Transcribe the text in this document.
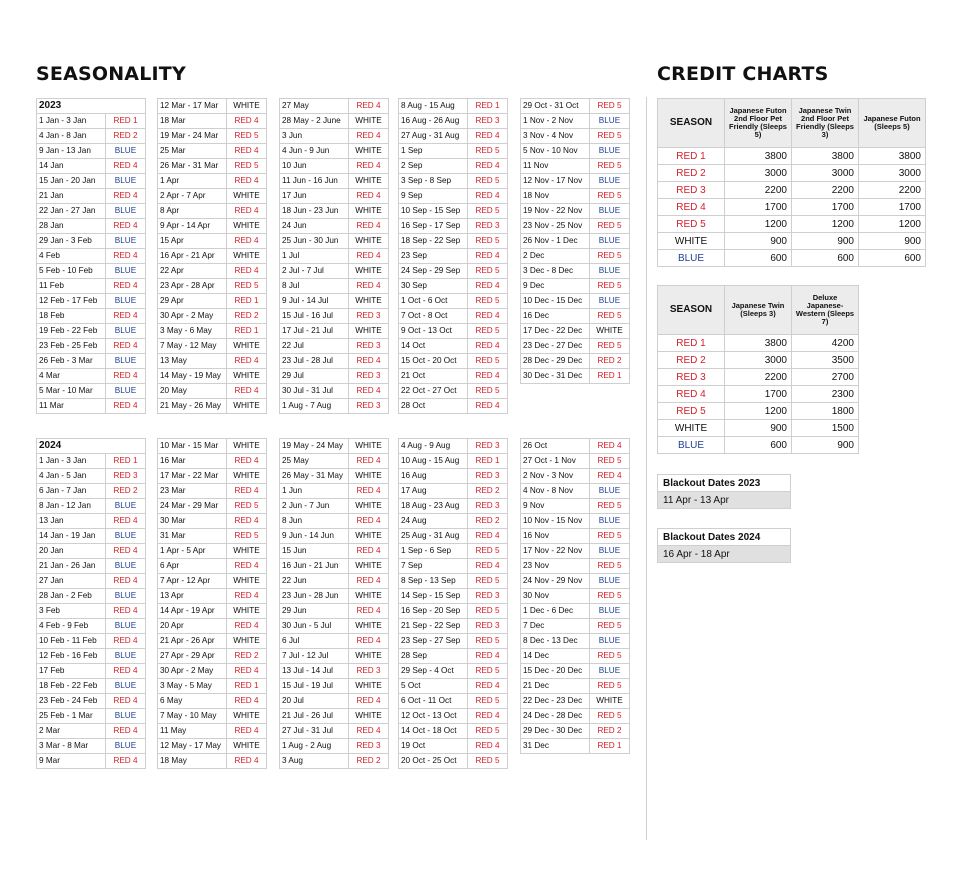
SEASONALITY	CREDIT CHARTS
2023	
1 Jan - 3 Jan	RED 1
4 Jan - 8 Jan	RED 2
9 Jan - 13 Jan	BLUE
14 Jan	RED 4
15 Jan - 20 Jan	BLUE
21 Jan	RED 4
22 Jan - 27 Jan	BLUE
28 Jan	RED 4
29 Jan - 3 Feb	BLUE
4 Feb	RED 4
5 Feb - 10 Feb	BLUE
11 Feb	RED 4
12 Feb - 17 Feb	BLUE
18 Feb	RED 4
19 Feb - 22 Feb	BLUE
23 Feb - 25 Feb	RED 4
26 Feb - 3 Mar	BLUE
4 Mar	RED 4
5 Mar - 10 Mar	BLUE
11 Mar	RED 4
12 Mar - 17 Mar	WHITE
18 Mar	RED 4
19 Mar - 24 Mar	RED 5
25 Mar	RED 4
26 Mar - 31 Mar	RED 5
1 Apr	RED 4
2 Apr - 7 Apr	WHITE
8 Apr	RED 4
9 Apr - 14 Apr	WHITE
15 Apr	RED 4
16 Apr - 21 Apr	WHITE
22 Apr	RED 4
23 Apr - 28 Apr	RED 5
29 Apr	RED 1
30 Apr - 2 May	RED 2
3 May - 6 May	RED 1
7 May - 12 May	WHITE
13 May	RED 4
14 May - 19 May	WHITE
20 May	RED 4
21 May - 26 May	WHITE
27 May	RED 4
28 May - 2 June	WHITE
3 Jun	RED 4
4 Jun - 9 Jun	WHITE
10 Jun	RED 4
11 Jun - 16 Jun	WHITE
17 Jun	RED 4
18 Jun - 23 Jun	WHITE
24 Jun	RED 4
25 Jun - 30 Jun	WHITE
1 Jul	RED 4
2 Jul - 7 Jul	WHITE
8 Jul	RED 4
9 Jul - 14 Jul	WHITE
15 Jul - 16 Jul	RED 3
17 Jul - 21 Jul	WHITE
22 Jul	RED 3
23 Jul - 28 Jul	RED 4
29 Jul	RED 3
30 Jul - 31 Jul	RED 4
1 Aug - 7 Aug	RED 3
8 Aug - 15 Aug	RED 1
16 Aug - 26 Aug	RED 3
27 Aug - 31 Aug	RED 4
1 Sep	RED 5
2 Sep	RED 4
3 Sep - 8 Sep	RED 5
9 Sep	RED 4
10 Sep - 15 Sep	RED 5
16 Sep - 17 Sep	RED 3
18 Sep - 22 Sep	RED 5
23 Sep	RED 4
24 Sep - 29 Sep	RED 5
30 Sep	RED 4
1 Oct - 6 Oct	RED 5
7 Oct - 8 Oct	RED 4
9 Oct - 13 Oct	RED 5
14 Oct	RED 4
15 Oct - 20 Oct	RED 5
21 Oct	RED 4
22 Oct - 27 Oct	RED 5
28 Oct	RED 4
29 Oct - 31 Oct	RED 5
1 Nov - 2 Nov	BLUE
3 Nov - 4 Nov	RED 5
5 Nov - 10 Nov	BLUE
11 Nov	RED 5
12 Nov - 17 Nov	BLUE
18 Nov	RED 5
19 Nov - 22 Nov	BLUE
23 Nov - 25 Nov	RED 5
26 Nov - 1 Dec	BLUE
2 Dec	RED 5
3 Dec - 8 Dec	BLUE
9 Dec	RED 5
10 Dec - 15 Dec	BLUE
16 Dec	RED 5
17 Dec - 22 Dec	WHITE
23 Dec - 27 Dec	RED 5
28 Dec - 29 Dec	RED 2
30 Dec - 31 Dec	RED 1
2024	
1 Jan - 3 Jan	RED 1
4 Jan - 5 Jan	RED 3
6 Jan - 7 Jan	RED 2
8 Jan - 12 Jan	BLUE
13 Jan	RED 4
14 Jan - 19 Jan	BLUE
20 Jan	RED 4
21 Jan - 26 Jan	BLUE
27 Jan	RED 4
28 Jan - 2 Feb	BLUE
3 Feb	RED 4
4 Feb - 9 Feb	BLUE
10 Feb - 11 Feb	RED 4
12 Feb - 16 Feb	BLUE
17 Feb	RED 4
18 Feb - 22 Feb	BLUE
23 Feb - 24 Feb	RED 4
25 Feb - 1 Mar	BLUE
2 Mar	RED 4
3 Mar - 8 Mar	BLUE
9 Mar	RED 4
10 Mar - 15 Mar	WHITE
16 Mar	RED 4
17 Mar - 22 Mar	WHITE
23 Mar	RED 4
24 Mar - 29 Mar	RED 5
30 Mar	RED 4
31 Mar	RED 5
1 Apr - 5 Apr	WHITE
6 Apr	RED 4
7 Apr - 12 Apr	WHITE
13 Apr	RED 4
14 Apr - 19 Apr	WHITE
20 Apr	RED 4
21 Apr - 26 Apr	WHITE
27 Apr - 29 Apr	RED 2
30 Apr - 2 May	RED 4
3 May - 5 May	RED 1
6 May	RED 4
7 May - 10 May	WHITE
11 May	RED 4
12 May - 17 May	WHITE
18 May	RED 4
19 May - 24 May	WHITE
25 May	RED 4
26 May - 31 May	WHITE
1 Jun	RED 4
2 Jun - 7 Jun	WHITE
8 Jun	RED 4
9 Jun - 14 Jun	WHITE
15 Jun	RED 4
16 Jun - 21 Jun	WHITE
22 Jun	RED 4
23 Jun - 28 Jun	WHITE
29 Jun	RED 4
30 Jun - 5 Jul	WHITE
6 Jul	RED 4
7 Jul - 12 Jul	WHITE
13 Jul - 14 Jul	RED 3
15 Jul - 19 Jul	WHITE
20 Jul	RED 4
21 Jul - 26 Jul	WHITE
27 Jul - 31 Jul	RED 4
1 Aug - 2 Aug	RED 3
3 Aug	RED 2
4 Aug - 9 Aug	RED 3
10 Aug - 15 Aug	RED 1
16 Aug	RED 3
17 Aug	RED 2
18 Aug - 23 Aug	RED 3
24 Aug	RED 2
25 Aug - 31 Aug	RED 4
1 Sep - 6 Sep	RED 5
7 Sep	RED 4
8 Sep - 13 Sep	RED 5
14 Sep - 15 Sep	RED 3
16 Sep - 20 Sep	RED 5
21 Sep - 22 Sep	RED 3
23 Sep - 27 Sep	RED 5
28 Sep	RED 4
29 Sep - 4 Oct	RED 5
5 Oct	RED 4
6 Oct - 11 Oct	RED 5
12 Oct - 13 Oct	RED 4
14 Oct - 18 Oct	RED 5
19 Oct	RED 4
20 Oct - 25 Oct	RED 5
26 Oct	RED 4
27 Oct - 1 Nov	RED 5
2 Nov - 3 Nov	RED 4
4 Nov - 8 Nov	BLUE
9 Nov	RED 5
10 Nov - 15 Nov	BLUE
16 Nov	RED 5
17 Nov - 22 Nov	BLUE
23 Nov	RED 5
24 Nov - 29 Nov	BLUE
30 Nov	RED 5
1 Dec - 6 Dec	BLUE
7 Dec	RED 5
8 Dec - 13 Dec	BLUE
14 Dec	RED 5
15 Dec - 20 Dec	BLUE
21 Dec	RED 5
22 Dec - 23 Dec	WHITE
24 Dec - 28 Dec	RED 5
29 Dec - 30 Dec	RED 2
31 Dec	RED 1
SEASON	Japanese Futon 2nd Floor Pet Friendly (Sleeps 5)	Japanese Twin 2nd Floor Pet Friendly (Sleeps 3)	Japanese Futon (Sleeps 5)
RED 1	3800	3800	3800
RED 2	3000	3000	3000
RED 3	2200	2200	2200
RED 4	1700	1700	1700
RED 5	1200	1200	1200
WHITE	900	900	900
BLUE	600	600	600
SEASON	Japanese Twin (Sleeps 3)	Deluxe Japanese-Western (Sleeps 7)
RED 1	3800	4200
RED 2	3000	3500
RED 3	2200	2700
RED 4	1700	2300
RED 5	1200	1800
WHITE	900	1500
BLUE	600	900
Blackout Dates 2023
11 Apr - 13 Apr
Blackout Dates 2024
16 Apr - 18 Apr
